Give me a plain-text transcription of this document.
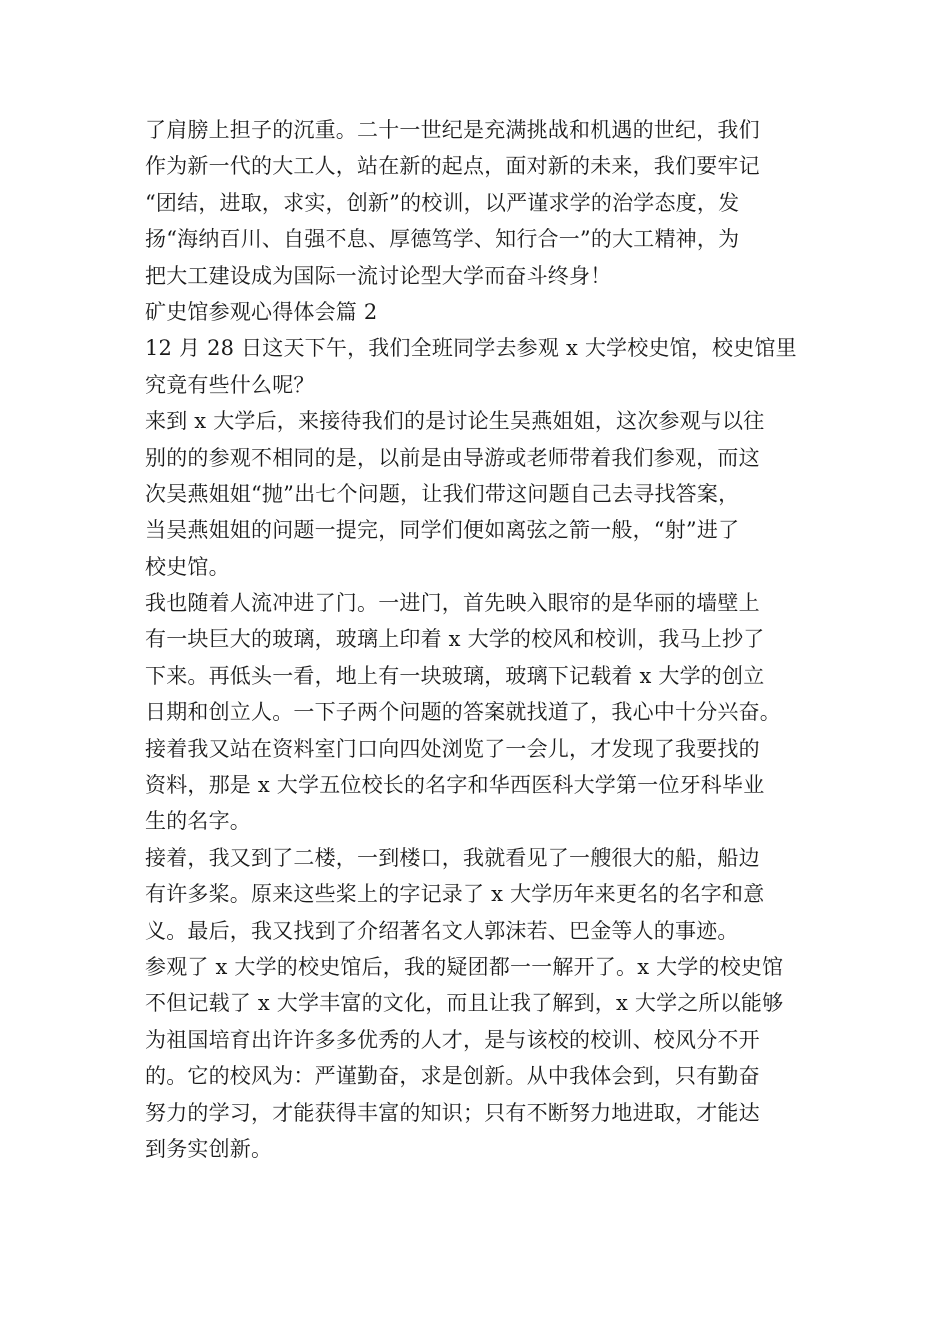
了肩膀上担子的沉重。二十一世纪是充满挑战和机遇的世纪，我们
作为新一代的大工人，站在新的起点，面对新的未来，我们要牢记
“团结，进取，求实，创新”的校训，以严谨求学的治学态度，发
扬“海纳百川、自强不息、厚德笃学、知行合一”的大工精神，为
把大工建设成为国际一流讨论型大学而奋斗终身！
矿史馆参观心得体会篇 2
12 月 28 日这天下午，我们全班同学去参观 x 大学校史馆，校史馆里
究竟有些什么呢？
来到 x 大学后，来接待我们的是讨论生吴燕姐姐，这次参观与以往
别的的参观不相同的是，以前是由导游或老师带着我们参观，而这
次吴燕姐姐“抛”出七个问题，让我们带这问题自己去寻找答案，
当吴燕姐姐的问题一提完，同学们便如离弦之箭一般，“射”进了
校史馆。
我也随着人流冲进了门。一进门，首先映入眼帘的是华丽的墙壁上
有一块巨大的玻璃，玻璃上印着 x 大学的校风和校训，我马上抄了
下来。再低头一看，地上有一块玻璃，玻璃下记载着 x 大学的创立
日期和创立人。一下子两个问题的答案就找道了，我心中十分兴奋。
接着我又站在资料室门口向四处浏览了一会儿，才发现了我要找的
资料，那是 x 大学五位校长的名字和华西医科大学第一位牙科毕业
生的名字。
接着，我又到了二楼，一到楼口，我就看见了一艘很大的船，船边
有许多桨。原来这些桨上的字记录了 x 大学历年来更名的名字和意
义。最后，我又找到了介绍著名文人郭沫若、巴金等人的事迹。
参观了 x 大学的校史馆后，我的疑团都一一解开了。x 大学的校史馆
不但记载了 x 大学丰富的文化，而且让我了解到，x 大学之所以能够
为祖国培育出许许多多优秀的人才，是与该校的校训、校风分不开
的。它的校风为：严谨勤奋，求是创新。从中我体会到，只有勤奋
努力的学习，才能获得丰富的知识；只有不断努力地进取，才能达
到务实创新。
